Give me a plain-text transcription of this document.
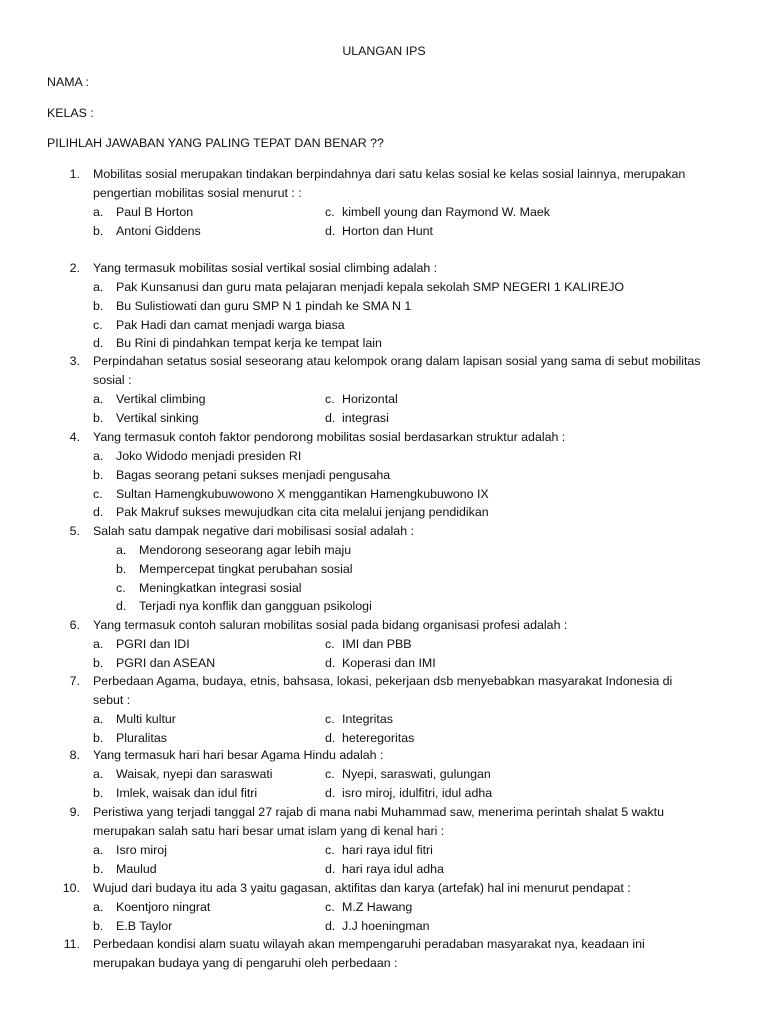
ULANGAN IPS
NAMA :
KELAS :
PILIHLAH JAWABAN YANG PALING TEPAT DAN BENAR ??
1. Mobilitas sosial merupakan tindakan berpindahnya dari satu kelas sosial ke kelas sosial lainnya, merupakan
pengertian mobilitas sosial menurut : :
a. Paul B Horton
b. Antoni Giddens
c. kimbell young dan Raymond W. Maek
d. Horton dan Hunt
2. Yang termasuk mobilitas sosial vertikal sosial climbing adalah :
a. Pak Kunsanusi dan guru mata pelajaran menjadi kepala sekolah SMP NEGERI 1 KALIREJO
b. Bu Sulistiowati dan guru SMP N 1 pindah ke SMA N 1
c.	Pak Hadi dan camat menjadi warga biasa
d. Bu Rini di pindahkan tempat kerja ke tempat lain
3. Perpindahan setatus sosial seseorang atau kelompok orang dalam lapisan sosial yang sama di sebut mobilitas
sosial :
a. Vertikal climbing
b. Vertikal sinking
c. Horizontal
d. integrasi
4. Yang termasuk contoh faktor pendorong mobilitas sosial berdasarkan struktur adalah :
a. Joko Widodo menjadi presiden RI
b. Bagas seorang petani sukses menjadi pengusaha
c.	Sultan Hamengkubuwowono X menggantikan Hamengkubuwono IX
d. Pak Makruf sukses mewujudkan cita cita melalui jenjang pendidikan
5. Salah satu dampak negative dari mobilisasi sosial adalah :
a. Mendorong seseorang agar lebih maju
b. Mempercepat tingkat perubahan sosial
c.	Meningkatkan integrasi sosial
d. Terjadi nya konflik dan gangguan psikologi
6. Yang termasuk contoh saluran mobilitas sosial pada bidang organisasi profesi adalah :
a. PGRI dan IDI
b. PGRI dan ASEAN
c. IMI dan PBB
d. Koperasi dan IMI
7. Perbedaan Agama, budaya, etnis, bahsasa, lokasi, pekerjaan dsb menyebabkan masyarakat Indonesia di
sebut :
a. Multi kultur
b. Pluralitas
c. Integritas
d. heteregoritas
8. Yang termasuk hari hari besar Agama Hindu adalah :
a. Waisak, nyepi dan saraswati
b. Imlek, waisak dan idul fitri
c. Nyepi, saraswati, gulungan
d. isro miroj, idulfitri, idul adha
9. Peristiwa yang terjadi tanggal 27 rajab di mana nabi Muhammad saw, menerima perintah shalat 5 waktu
merupakan salah satu hari besar umat islam yang di kenal hari :
a. Isro miroj
b. Maulud
c. hari raya idul fitri
d. hari raya idul adha
10. Wujud dari budaya itu ada 3 yaitu gagasan, aktifitas dan karya (artefak) hal ini menurut pendapat :
a. Koentjoro ningrat
b. E.B Taylor
c. M.Z Hawang
d. J.J hoeningman
11. Perbedaan kondisi alam suatu wilayah akan mempengaruhi peradaban masyarakat nya, keadaan ini
merupakan budaya yang di pengaruhi oleh perbedaan :
